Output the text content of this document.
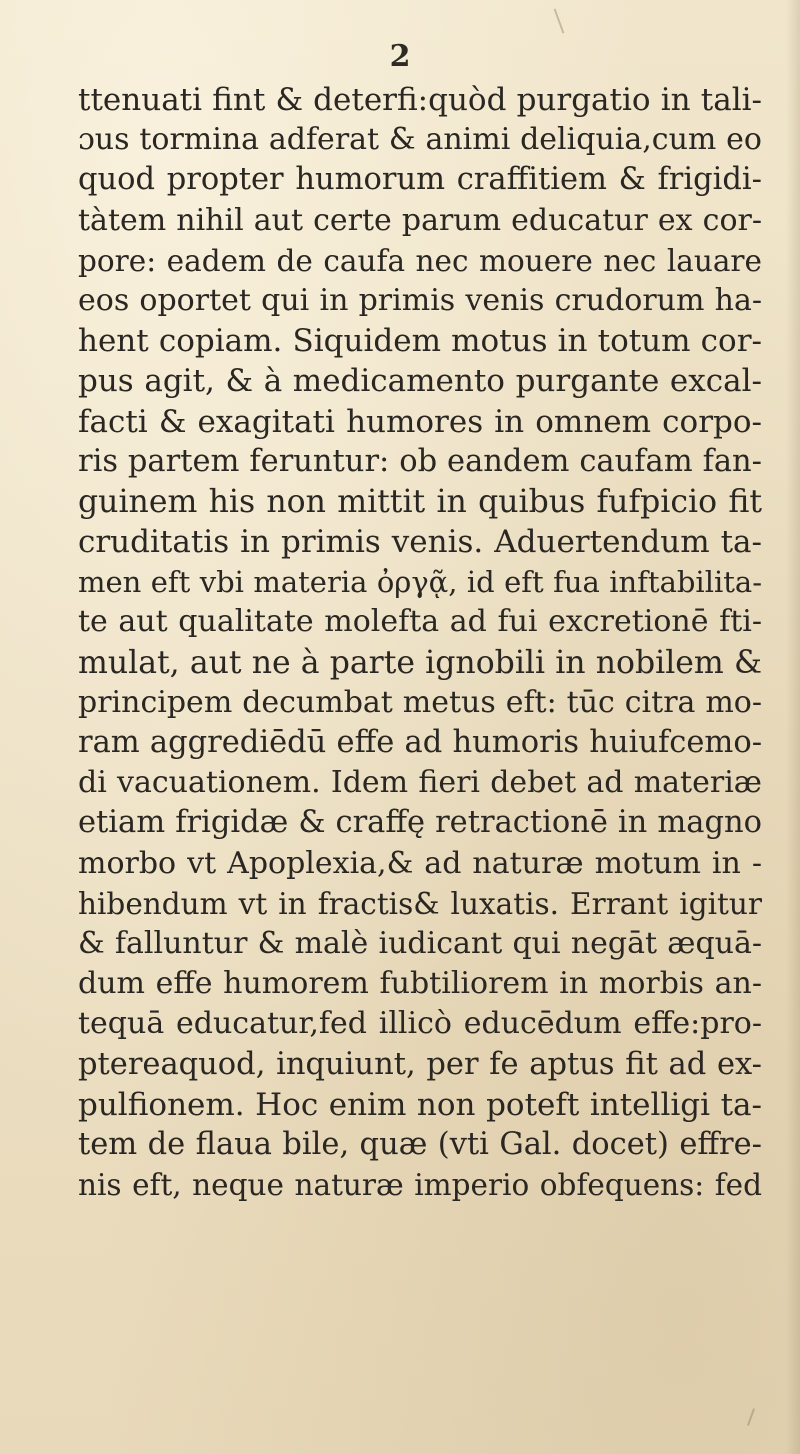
2
ttenuati fint & deterfi:quòd purgatio in tali-
ɔus tormina adferat & animi deliquia,cum eo
quod propter humorum craffitiem & frigidi-
tàtem nihil aut certe parum educatur ex cor-
pore: eadem de caufa nec mouere nec lauare
eos oportet qui in primis venis crudorum ha-
hent copiam. Siquidem motus in totum cor-
pus agit, & à medicamento purgante excal-
facti & exagitati humores in omnem corpo-
ris partem feruntur: ob eandem caufam fan-
guinem his non mittit in quibus fufpicio fit
cruditatis in primis venis. Aduertendum ta-
men eft vbi materia ὀργᾷ, id eft fua inftabilita-
te aut qualitate molefta ad fui excretionē fti-
mulat, aut ne à parte ignobili in nobilem &
principem decumbat metus eft: tūc citra mo-
ram aggrediēdū effe ad humoris huiufcemo-
di vacuationem. Idem fieri debet ad materiæ
etiam frigidæ & craffę retractionē in magno
morbo vt Apoplexia,& ad naturæ motum in -
hibendum vt in fractis& luxatis. Errant igitur
& falluntur & malè iudicant qui negāt æquā-
dum effe humorem fubtiliorem in morbis an-
tequā educatur,fed illicò educēdum effe:pro-
ptereaquod, inquiunt, per fe aptus fit ad ex-
pulfionem. Hoc enim non poteft intelligi ta-
tem de flaua bile, quæ (vti Gal. docet) effre-
nis eft, neque naturæ imperio obfequens: fed
